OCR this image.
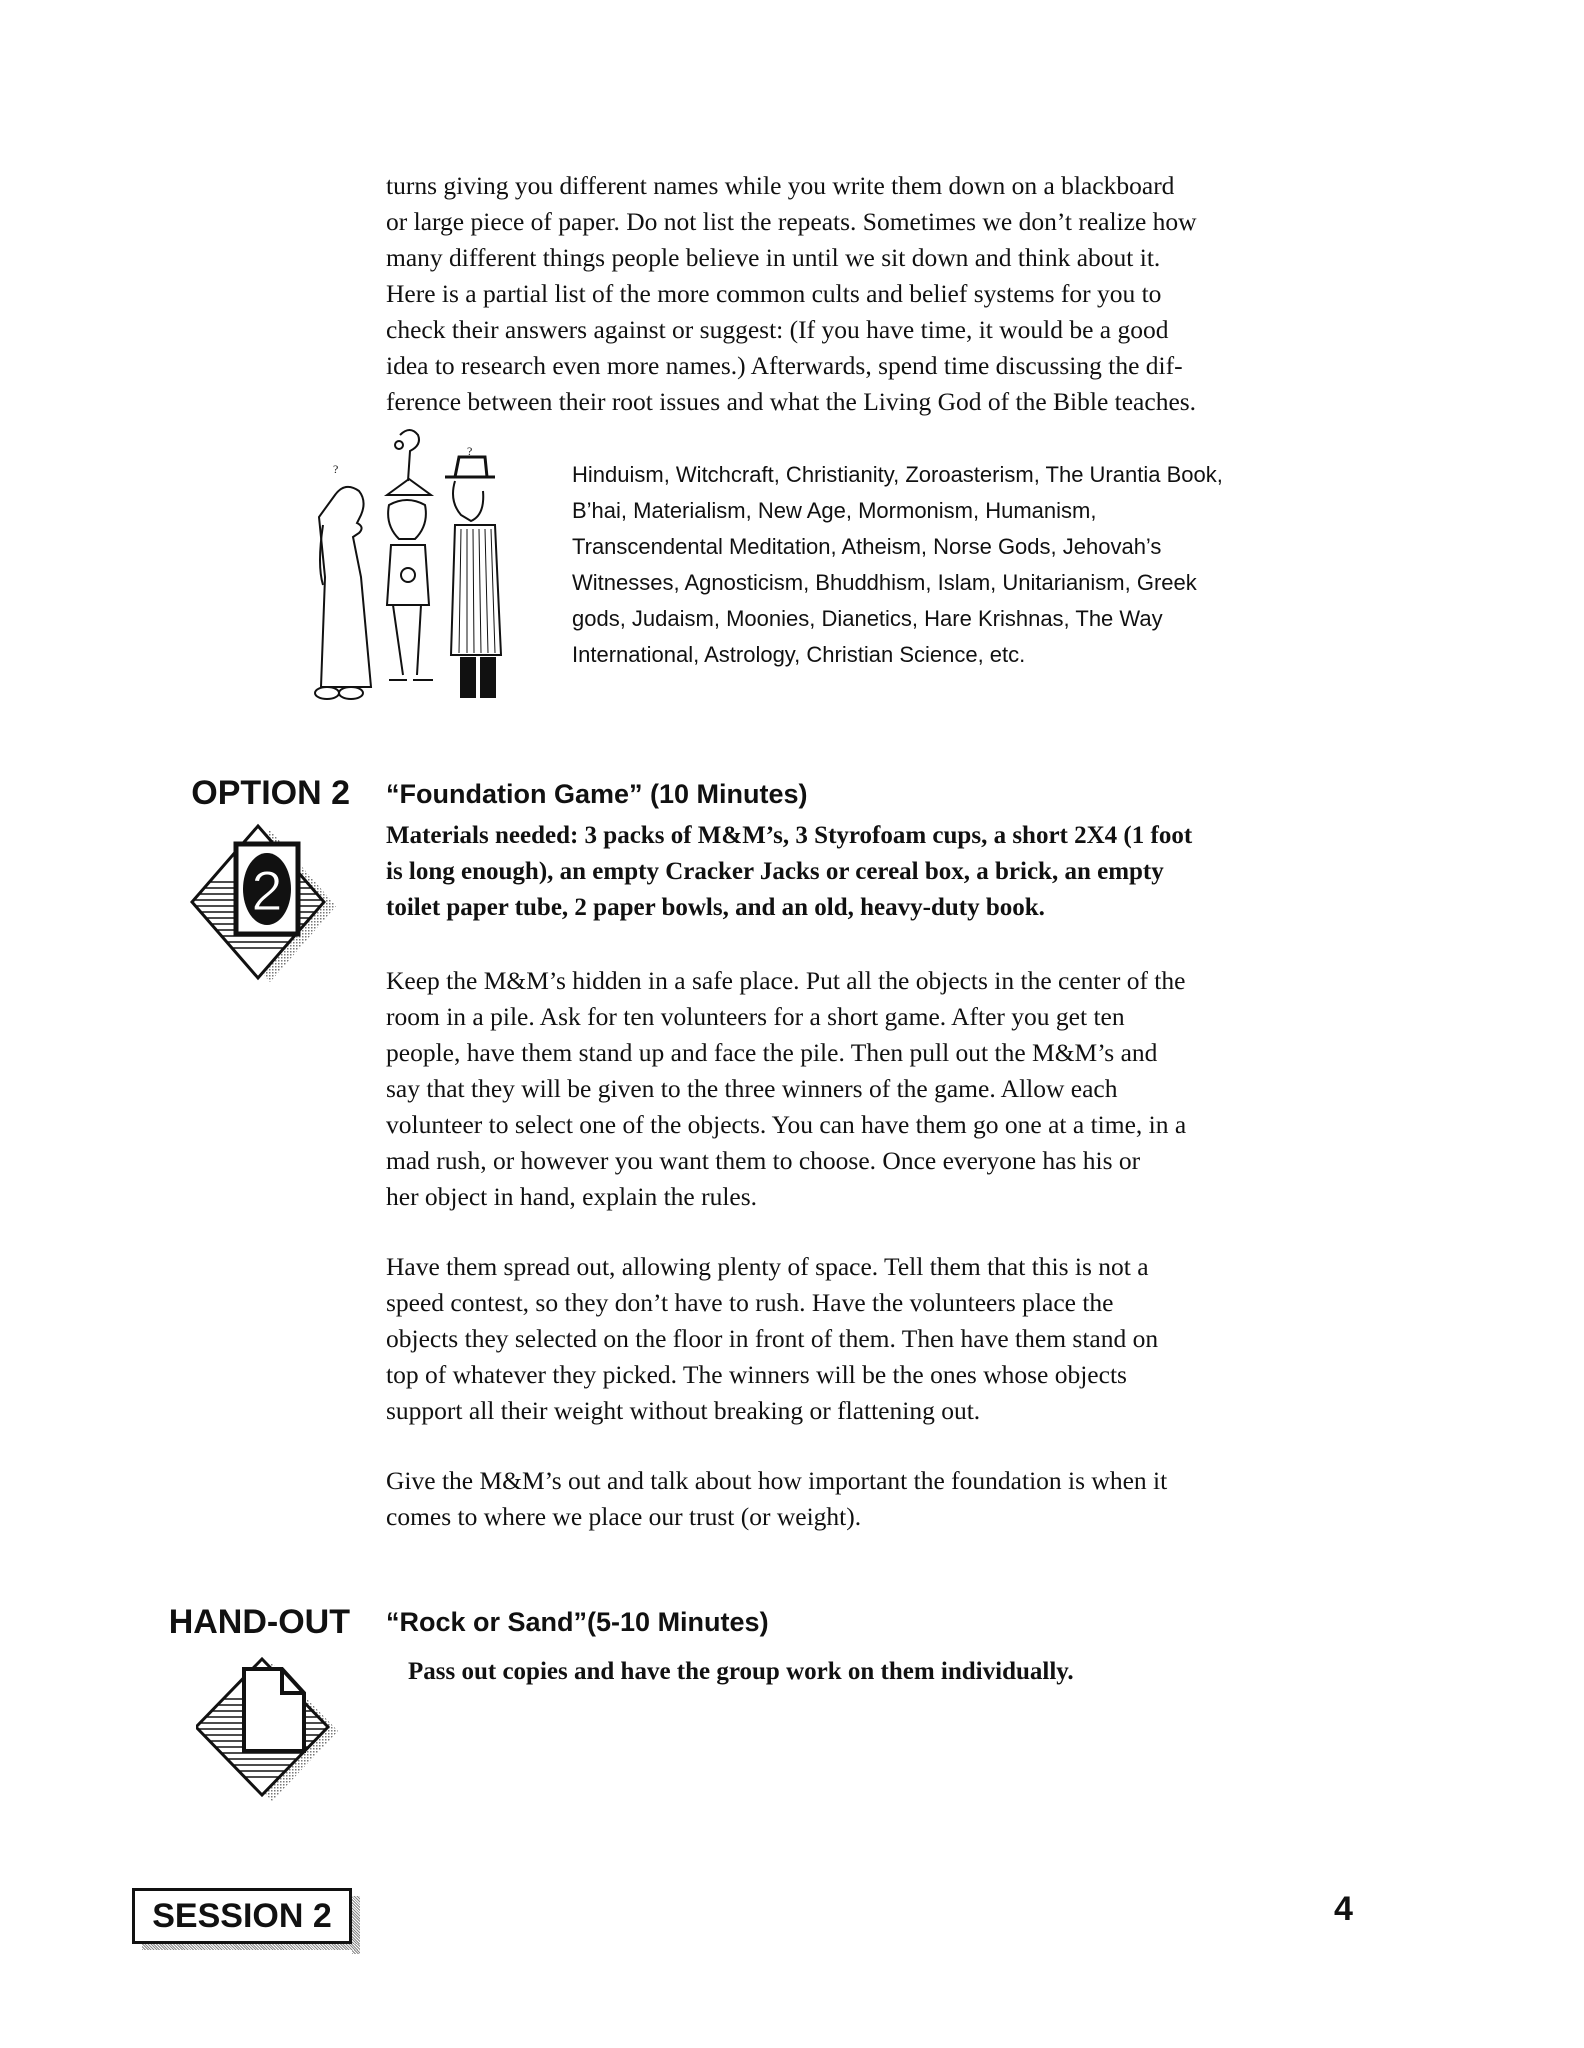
turns giving you different names while you write them down on a blackboard
or large piece of paper. Do not list the repeats. Sometimes we don’t realize how
many different things people believe in until we sit down and think about it.
Here is a partial list of the more common cults and belief systems for you to
check their answers against or suggest: (If you have time, it would be a good
idea to research even more names.) Afterwards, spend time discussing the dif-
ference between their root issues and what the Living God of the Bible teaches.
?
?
Hinduism, Witchcraft, Christianity, Zoroasterism, The Urantia Book,
B’hai, Materialism, New Age, Mormonism, Humanism,
Transcendental Meditation, Atheism, Norse Gods, Jehovah’s
Witnesses, Agnosticism, Bhuddhism, Islam, Unitarianism, Greek
gods, Judaism, Moonies, Dianetics, Hare Krishnas, The Way
International, Astrology, Christian Science, etc.
OPTION 2
2
“Foundation Game” (10 Minutes)
Materials needed: 3 packs of M&M’s, 3 Styrofoam cups, a short 2X4 (1 foot
is long enough), an empty Cracker Jacks or cereal box, a brick, an empty
toilet paper tube, 2 paper bowls, and an old, heavy-duty book.
Keep the M&M’s hidden in a safe place. Put all the objects in the center of the
room in a pile. Ask for ten volunteers for a short game. After you get ten
people, have them stand up and face the pile. Then pull out the M&M’s and
say that they will be given to the three winners of the game. Allow each
volunteer to select one of the objects. You can have them go one at a time, in a
mad rush, or however you want them to choose. Once everyone has his or
her object in hand, explain the rules.
Have them spread out, allowing plenty of space. Tell them that this is not a
speed contest, so they don’t have to rush. Have the volunteers place the
objects they selected on the floor in front of them. Then have them stand on
top of whatever they picked. The winners will be the ones whose objects
support all their weight without breaking or flattening out.
Give the M&M’s out and talk about how important the foundation is when it
comes to where we place our trust (or weight).
HAND-OUT “Rock or Sand”(5-10 Minutes)
Pass out copies and have the group work on them individually.
SESSION 2	4
